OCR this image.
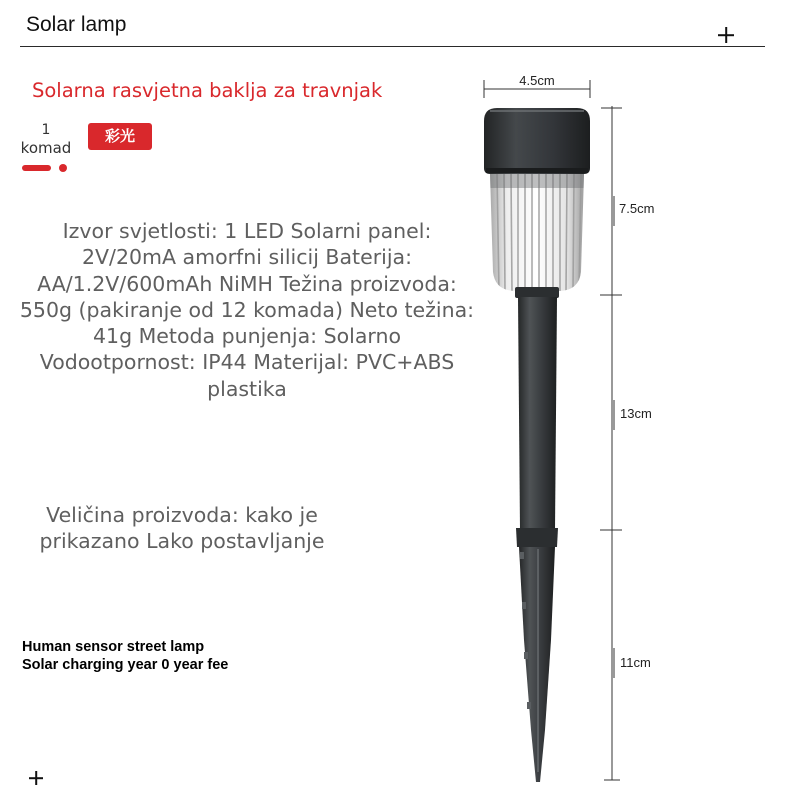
4.5cm
7.5cm
13cm
11cm
Solar lamp
Solarna rasvjetna baklja za travnjak
1
komad
彩光
Izvor svjetlosti: 1 LED Solarni panel:
2V/20mA amorfni silicij Baterija:
AA/1.2V/600mAh NiMH Težina proizvoda:
550g (pakiranje od 12 komada) Neto težina:
41g Metoda punjenja: Solarno
Vodootpornost: IP44 Materijal: PVC+ABS
plastika
Veličina proizvoda: kako je
prikazano Lako postavljanje
Human sensor street lamp
Solar charging year 0 year fee
